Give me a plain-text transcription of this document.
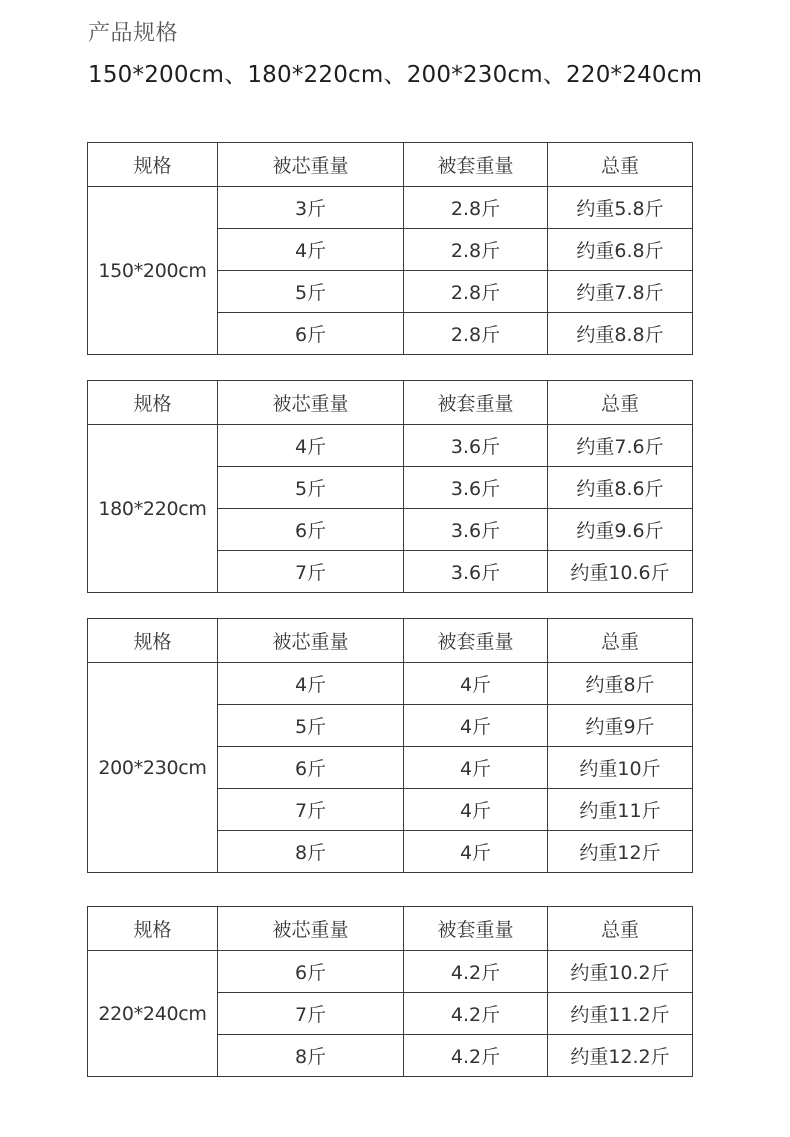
产品规格
150*200cm、180*220cm、200*230cm、220*240cm
规格	被芯重量	被套重量	总重
150*200cm	3斤	2.8斤	约重5.8斤
	4斤	2.8斤	约重6.8斤
	5斤	2.8斤	约重7.8斤
	6斤	2.8斤	约重8.8斤
规格	被芯重量	被套重量	总重
180*220cm	4斤	3.6斤	约重7.6斤
	5斤	3.6斤	约重8.6斤
	6斤	3.6斤	约重9.6斤
	7斤	3.6斤	约重10.6斤
规格	被芯重量	被套重量	总重
200*230cm	4斤	4斤	约重8斤
	5斤	4斤	约重9斤
	6斤	4斤	约重10斤
	7斤	4斤	约重11斤
	8斤	4斤	约重12斤
规格	被芯重量	被套重量	总重
220*240cm	6斤	4.2斤	约重10.2斤
	7斤	4.2斤	约重11.2斤
	8斤	4.2斤	约重12.2斤
